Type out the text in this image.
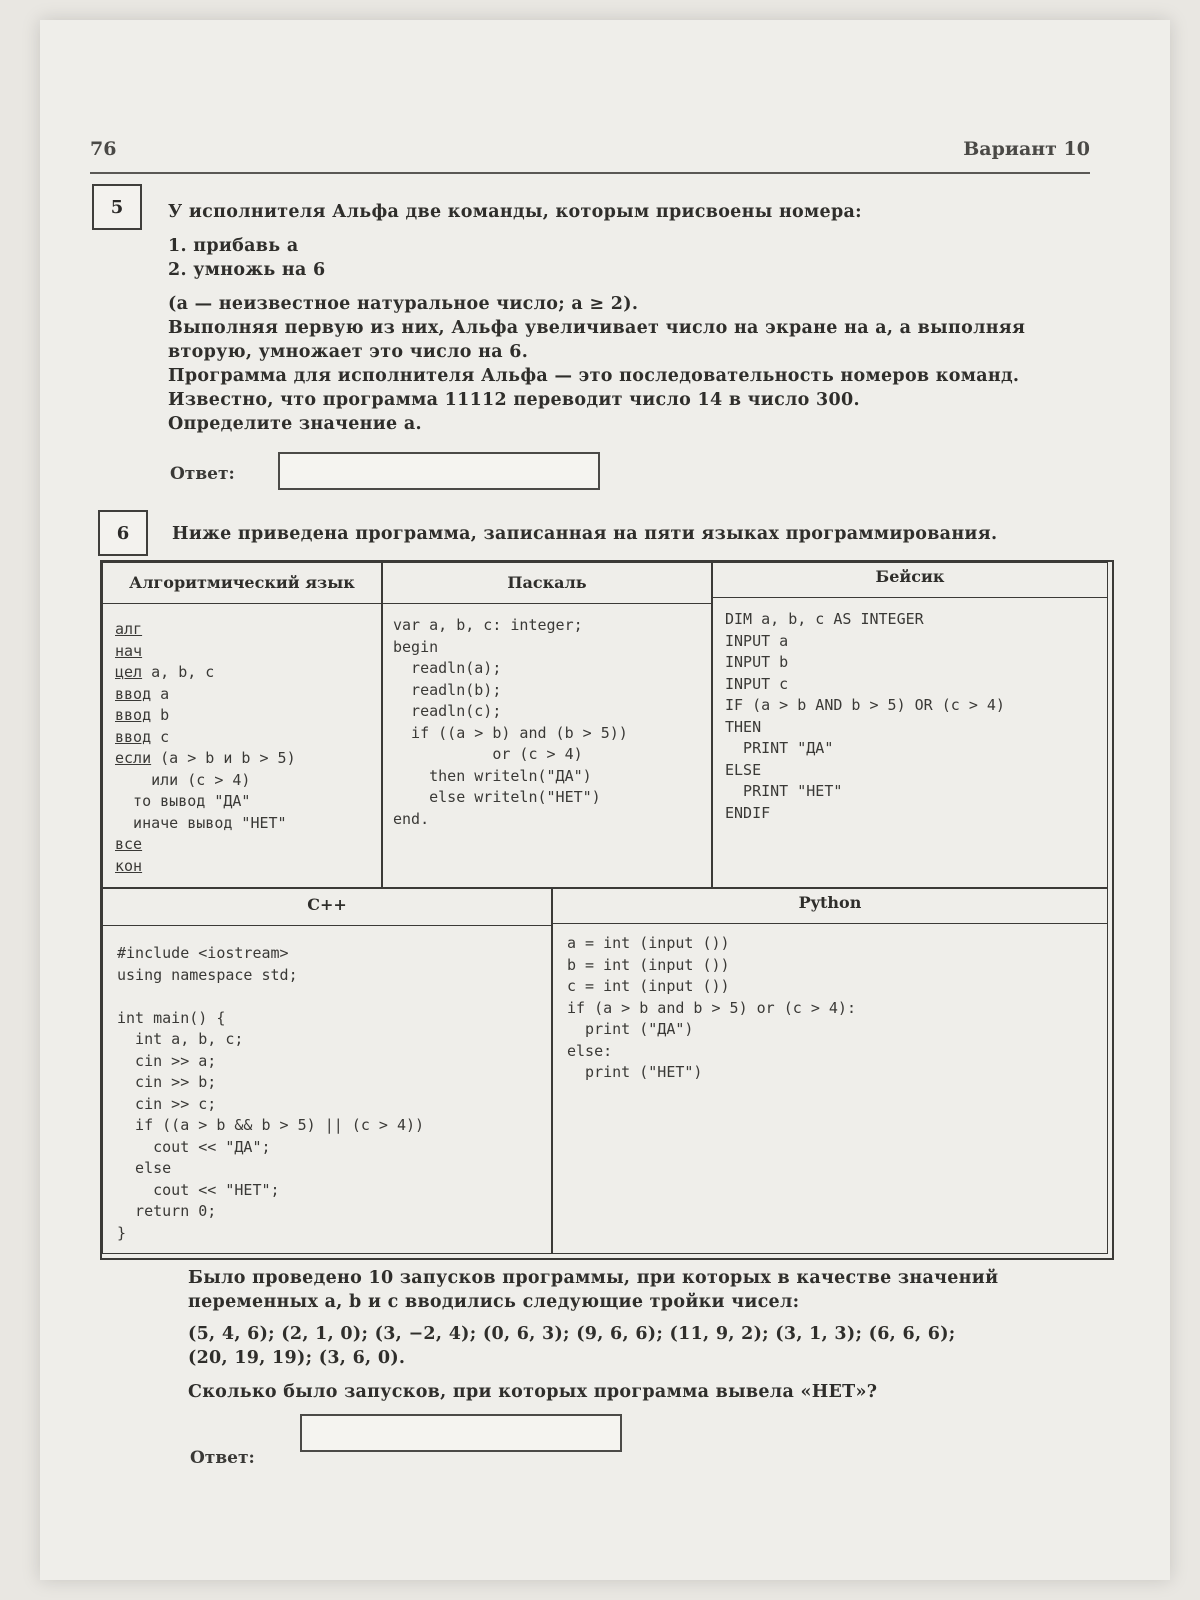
76	Вариант 10
5	У исполнителя Альфа две команды, которым присвоены номера:
1. прибавь a
2. умножь на 6
(a — неизвестное натуральное число; a ≥ 2).
Выполняя первую из них, Альфа увеличивает число на экране на a, а выполняя
вторую, умножает это число на 6.
Программа для исполнителя Альфа — это последовательность номеров команд.
Известно, что программа 11112 переводит число 14 в число 300.
Определите значение a.
Ответ:
6	Ниже приведена программа, записанная на пяти языках программирования.
Алгоритмический язык
алг
нач
цел a, b, c
ввод a
ввод b
ввод c
если (a > b и b > 5)
или (c > 4)
то вывод "ДА"
иначе вывод "НЕТ"
все
кон
Паскаль
var a, b, c: integer;
begin
readln(a);
readln(b);
readln(c);
if ((a > b) and (b > 5))
or (c > 4)
then writeln("ДА")
else writeln("НЕТ")
end.
Бейсик
DIM a, b, c AS INTEGER
INPUT a
INPUT b
INPUT c
IF (a > b AND b > 5) OR (c > 4)
THEN
PRINT "ДА"
ELSE
PRINT "НЕТ"
ENDIF
C++
#include <iostream>
using namespace std;

int main() {
int a, b, c;
cin >> a;
cin >> b;
cin >> c;
if ((a > b && b > 5) || (c > 4))
cout << "ДА";
else
cout << "НЕТ";
return 0;
}
Python
a = int (input ())
b = int (input ())
c = int (input ())
if (a > b and b > 5) or (c > 4):
print ("ДА")
else:
print ("НЕТ")
Было проведено 10 запусков программы, при которых в качестве значений
переменных a, b и c вводились следующие тройки чисел:
(5, 4, 6); (2, 1, 0); (3, −2, 4); (0, 6, 3); (9, 6, 6); (11, 9, 2); (3, 1, 3); (6, 6, 6);
(20, 19, 19); (3, 6, 0).
Сколько было запусков, при которых программа вывела «НЕТ»?
Ответ:
